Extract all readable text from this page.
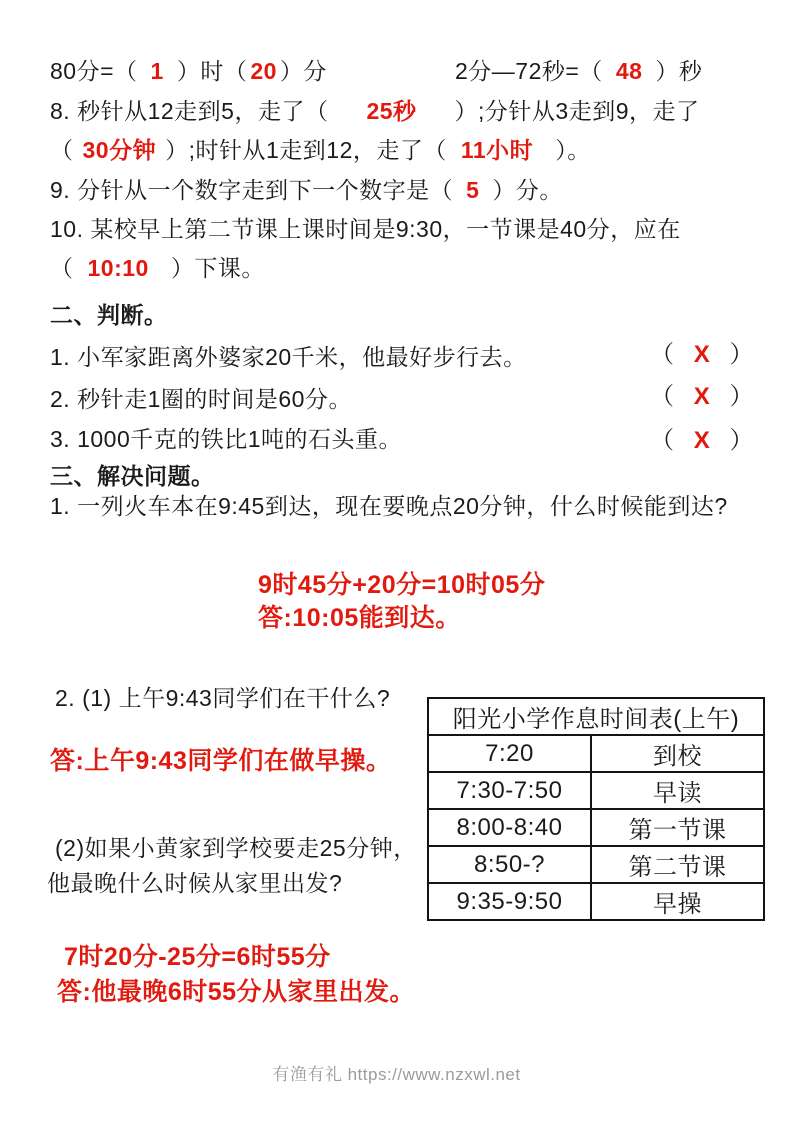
80分=（ 1 ）时（ 20 ）分	2分—72秒=（ 48 ）秒
8. 秒针从12走到5，走了（ 25秒 ）;分针从3走到9，走了
（ 30分钟 ）;时针从1走到12，走了（ 11小时 ）。
9. 分针从一个数字走到下一个数字是（ 5 ）分。
10. 某校早上第二节课上课时间是9:30，一节课是40分，应在
（ 10:10 ）下课。
二、判断。
1. 小军家距离外婆家20千米，他最好步行去。	（ X ）
2. 秒针走1圈的时间是60分。	（ X ）
3. 1000千克的铁比1吨的石头重。	（ X ）
三、解决问题。
1. 一列火车本在9:45到达，现在要晚点20分钟，什么时候能到达?
9时45分+20分=10时05分
答:10:05能到达。
2. (1) 上午9:43同学们在干什么?
答:上午9:43同学们在做早操。
阳光小学作息时间表(上午)	
7:20	到校
7:30-7:50	早读
8:00-8:40	第一节课
8:50-?	第二节课
9:35-9:50	早操
(2)如果小黄家到学校要走25分钟，
他最晚什么时候从家里出发?
7时20分-25分=6时55分
答:他最晚6时55分从家里出发。
有渔有礼 https://www.nzxwl.net
